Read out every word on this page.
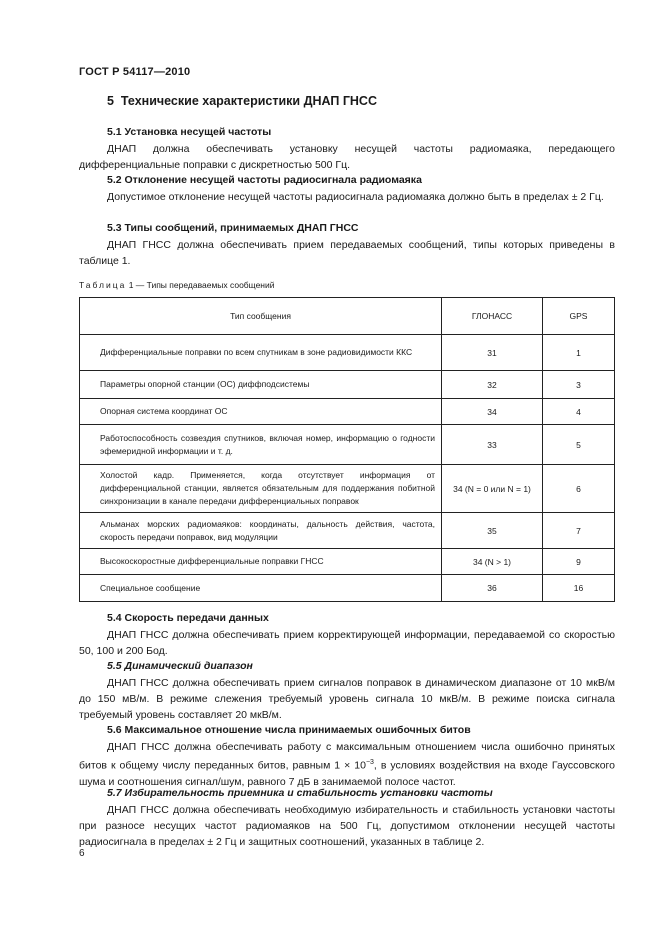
ГОСТ Р 54117—2010
5 Технические характеристики ДНАП ГНСС
5.1 Установка несущей частоты
ДНАП должна обеспечивать установку несущей частоты радиомаяка, передающего дифференциальные поправки с дискретностью 500 Гц.
5.2 Отклонение несущей частоты радиосигнала радиомаяка
Допустимое отклонение несущей частоты радиосигнала радиомаяка должно быть в пределах ± 2 Гц.
5.3 Типы сообщений, принимаемых ДНАП ГНСС
ДНАП ГНСС должна обеспечивать прием передаваемых сообщений, типы которых приведены в таблице 1.
Таблица 1 — Типы передаваемых сообщений
Тип сообщения	ГЛОНАСС	GPS
Дифференциальные поправки по всем спутникам в зоне радиовидимости ККС	31	1
Параметры опорной станции (ОС) диффподсистемы	32	3
Опорная система координат ОС	34	4
Работоспособность созвездия спутников, включая номер, информацию о годности эфемеридной информации и т. д.	33	5
Холостой кадр. Применяется, когда отсутствует информация от дифференциальной станции, является обязательным для поддержания побитной синхронизации в канале передачи дифференциальных поправок	34 (N = 0 или N = 1)	6
Альманах морских радиомаяков: координаты, дальность действия, частота, скорость передачи поправок, вид модуляции	35	7
Высокоскоростные дифференциальные поправки ГНСС	34 (N > 1)	9
Специальное сообщение	36	16
5.4 Скорость передачи данных
ДНАП ГНСС должна обеспечивать прием корректирующей информации, передаваемой со скоростью 50, 100 и 200 Бод.
5.5 Динамический диапазон
ДНАП ГНСС должна обеспечивать прием сигналов поправок в динамическом диапазоне от 10 мкВ/м до 150 мВ/м. В режиме слежения требуемый уровень сигнала 10 мкВ/м. В режиме поиска сигнала требуемый уровень составляет 20 мкВ/м.
5.6 Максимальное отношение числа принимаемых ошибочных битов
ДНАП ГНСС должна обеспечивать работу с максимальным отношением числа ошибочно принятых битов к общему числу переданных битов, равным $1 \times 10^{-3}$, в условиях воздействия на входе Гауссовского шума и соотношения сигнал/шум, равного 7 дБ в занимаемой полосе частот.
5.7 Избирательность приемника и стабильность установки частоты
ДНАП ГНСС должна обеспечивать необходимую избирательность и стабильность установки частоты при разносе несущих частот радиомаяков на 500 Гц, допустимом отклонении несущей частоты радиосигнала в пределах ± 2 Гц и защитных соотношений, указанных в таблице 2.
6
